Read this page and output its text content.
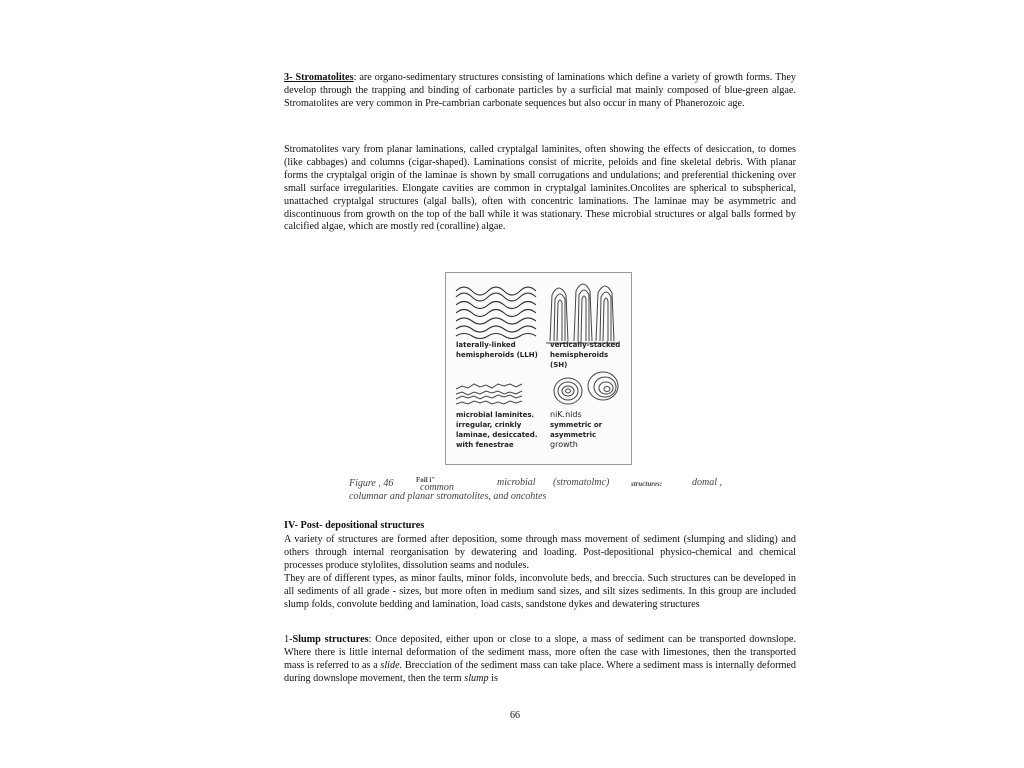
3- Stromatolites: are organo-sedimentary structures consisting of laminations which define a variety of growth forms. They develop through the trapping and binding of carbonate particles by a surficial mat mainly composed of blue-green algae. Stromatolites are very common in Pre-cambrian carbonate sequences but also occur in many of Phanerozoic age.
Stromatolites vary from planar laminations, called cryptalgal laminites, often showing the effects of desiccation, to domes (like cabbages) and columns (cigar-shaped). Laminations consist of micrite, peloids and fine skeletal debris. With planar forms the cryptalgal origin of the laminae is shown by small corrugations and undulations; and preferential thickening over small surface irregularities. Elongate cavities are common in cryptalgal laminites.Oncolites are spherical to subspherical, unattached cryptalgal structures (algal balls), often with concentric laminations. The laminae may be asymmetric and discontinuous from growth on the top of the ball while it was stationary. These microbial structures or algal balls formed by calcified algae, which are mostly red (coralline) algae.
laterally-linked
hemispheroids (LLH)
vertically-stacked
hemispheroids
(SH)
microbial laminites.
irregular, crinkly
laminae, desiccated.
with fenestrae
niK.nlds
symmetric or
asymmetric
growth
Figure , 46	Foil i"
common	microbial (stromatolmc)	structures:	domal ,
columnar and planar stromatolites, and oncohtes
IV- Post- depositional structures
A variety of structures are formed after deposition, some through mass movement of sediment (slumping and sliding) and others through internal reorganisation by dewatering and loading. Post-depositional physico-chemical and chemical processes produce stylolites, dissolution seams and nodules.
They are of different types, as minor faults, minor folds, inconvolute beds, and breccia. Such structures can be developed in all sediments of all grade - sizes, but more often in medium sand sizes, and silt sizes sediments. In this group are included slump folds, convolute bedding and lamination, load casts, sandstone dykes and dewatering structures
1-Slump structures: Once deposited, either upon or close to a slope, a mass of sediment can be transported downslope. Where there is little internal deformation of the sediment mass, more often the case with limestones, then the transported mass is referred to as a slide. Brecciation of the sediment mass can take place. Where a sediment mass is internally deformed during downslope movement, then the term slump is
66
